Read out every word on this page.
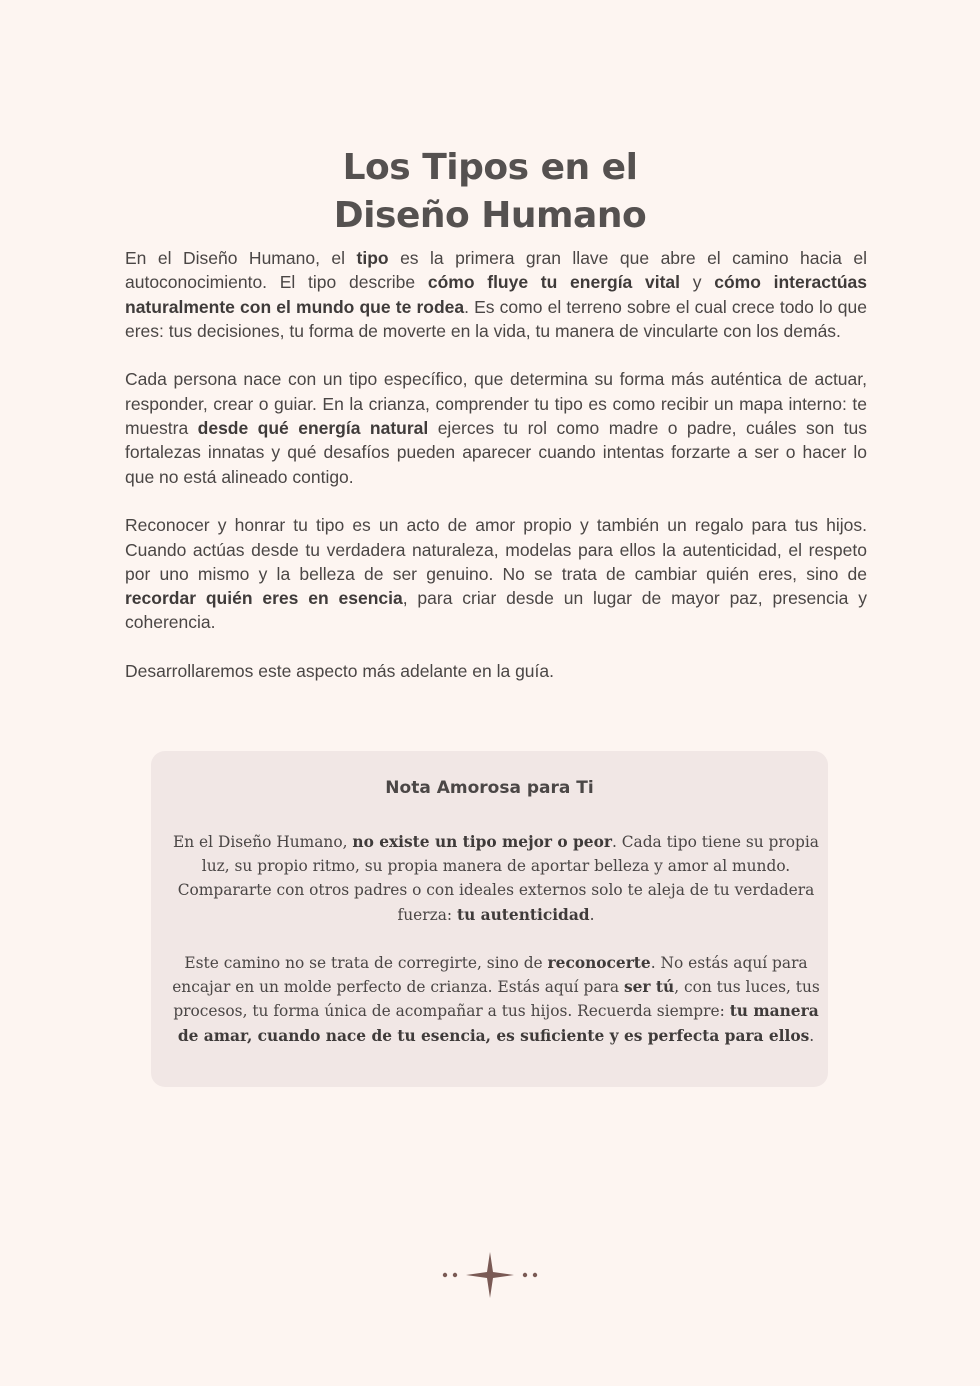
Los Tipos en el
Diseño Humano

En el Diseño Humano, el tipo es la primera gran llave que abre el camino hacia el autoconocimiento. El tipo describe cómo fluye tu energía vital y cómo interactúas naturalmente con el mundo que te rodea. Es como el terreno sobre el cual crece todo lo que eres: tus decisiones, tu forma de moverte en la vida, tu manera de vincularte con los demás.

Cada persona nace con un tipo específico, que determina su forma más auténtica de actuar, responder, crear o guiar. En la crianza, comprender tu tipo es como recibir un mapa interno: te muestra desde qué energía natural ejerces tu rol como madre o padre, cuáles son tus fortalezas innatas y qué desafíos pueden aparecer cuando intentas forzarte a ser o hacer lo que no está alineado contigo.

Reconocer y honrar tu tipo es un acto de amor propio y también un regalo para tus hijos. Cuando actúas desde tu verdadera naturaleza, modelas para ellos la autenticidad, el respeto por uno mismo y la belleza de ser genuino. No se trata de cambiar quién eres, sino de recordar quién eres en esencia, para criar desde un lugar de mayor paz, presencia y coherencia.

Desarrollaremos este aspecto más adelante en la guía.

Nota Amorosa para Ti

En el Diseño Humano, no existe un tipo mejor o peor. Cada tipo tiene su propia luz, su propio ritmo, su propia manera de aportar belleza y amor al mundo. Compararte con otros padres o con ideales externos solo te aleja de tu verdadera fuerza: tu autenticidad.

Este camino no se trata de corregirte, sino de reconocerte. No estás aquí para encajar en un molde perfecto de crianza. Estás aquí para ser tú, con tus luces, tus procesos, tu forma única de acompañar a tus hijos. Recuerda siempre: tu manera de amar, cuando nace de tu esencia, es suficiente y es perfecta para ellos.
